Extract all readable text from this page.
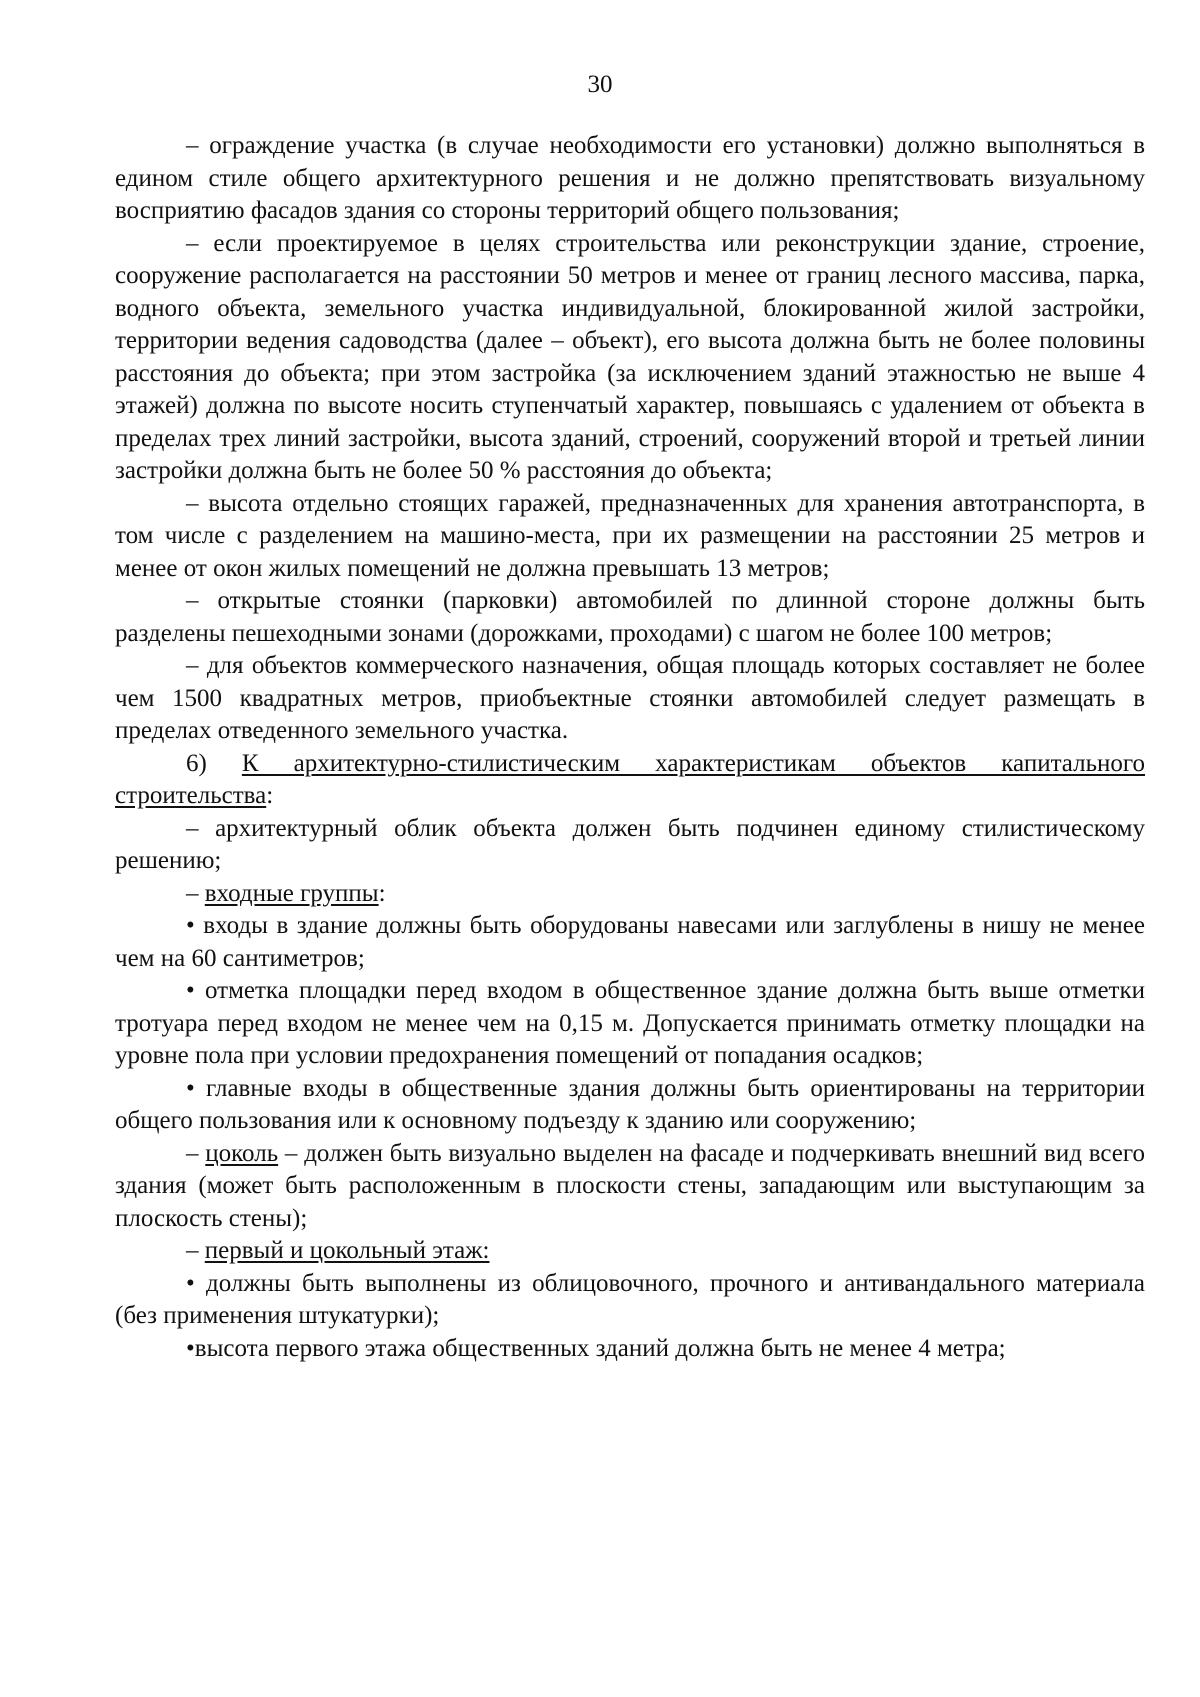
30

– ограждение участка (в случае необходимости его установки) должно выполняться в едином стиле общего архитектурного решения и не должно препятствовать визуальному восприятию фасадов здания со стороны территорий общего пользования;

– если проектируемое в целях строительства или реконструкции здание, строение, сооружение располагается на расстоянии 50 метров и менее от границ лесного массива, парка, водного объекта, земельного участка индивидуальной, блокированной жилой застройки, территории ведения садоводства (далее – объект), его высота должна быть не более половины расстояния до объекта; при этом застройка (за исключением зданий этажностью не выше 4 этажей) должна по высоте носить ступенчатый характер, повышаясь с удалением от объекта в пределах трех линий застройки, высота зданий, строений, сооружений второй и третьей линии застройки должна быть не более 50 % расстояния до объекта;

– высота отдельно стоящих гаражей, предназначенных для хранения автотранспорта, в том числе с разделением на машино-места, при их размещении на расстоянии 25 метров и менее от окон жилых помещений не должна превышать 13 метров;

– открытые стоянки (парковки) автомобилей по длинной стороне должны быть разделены пешеходными зонами (дорожками, проходами) с шагом не более 100 метров;

– для объектов коммерческого назначения, общая площадь которых составляет не более чем 1500 квадратных метров, приобъектные стоянки автомобилей следует размещать в пределах отведенного земельного участка.

6) К архитектурно-стилистическим характеристикам объектов капитального строительства:

– архитектурный облик объекта должен быть подчинен единому стилистическому решению;

– входные группы:

• входы в здание должны быть оборудованы навесами или заглублены в нишу не менее чем на 60 сантиметров;

• отметка площадки перед входом в общественное здание должна быть выше отметки тротуара перед входом не менее чем на 0,15 м. Допускается принимать отметку площадки на уровне пола при условии предохранения помещений от попадания осадков;

• главные входы в общественные здания должны быть ориентированы на территории общего пользования или к основному подъезду к зданию или сооружению;

– цоколь – должен быть визуально выделен на фасаде и подчеркивать внешний вид всего здания (может быть расположенным в плоскости стены, западающим или выступающим за плоскость стены);

– первый и цокольный этаж:

• должны быть выполнены из облицовочного, прочного и антивандального материала (без применения штукатурки);

•высота первого этажа общественных зданий должна быть не менее 4 метра;
